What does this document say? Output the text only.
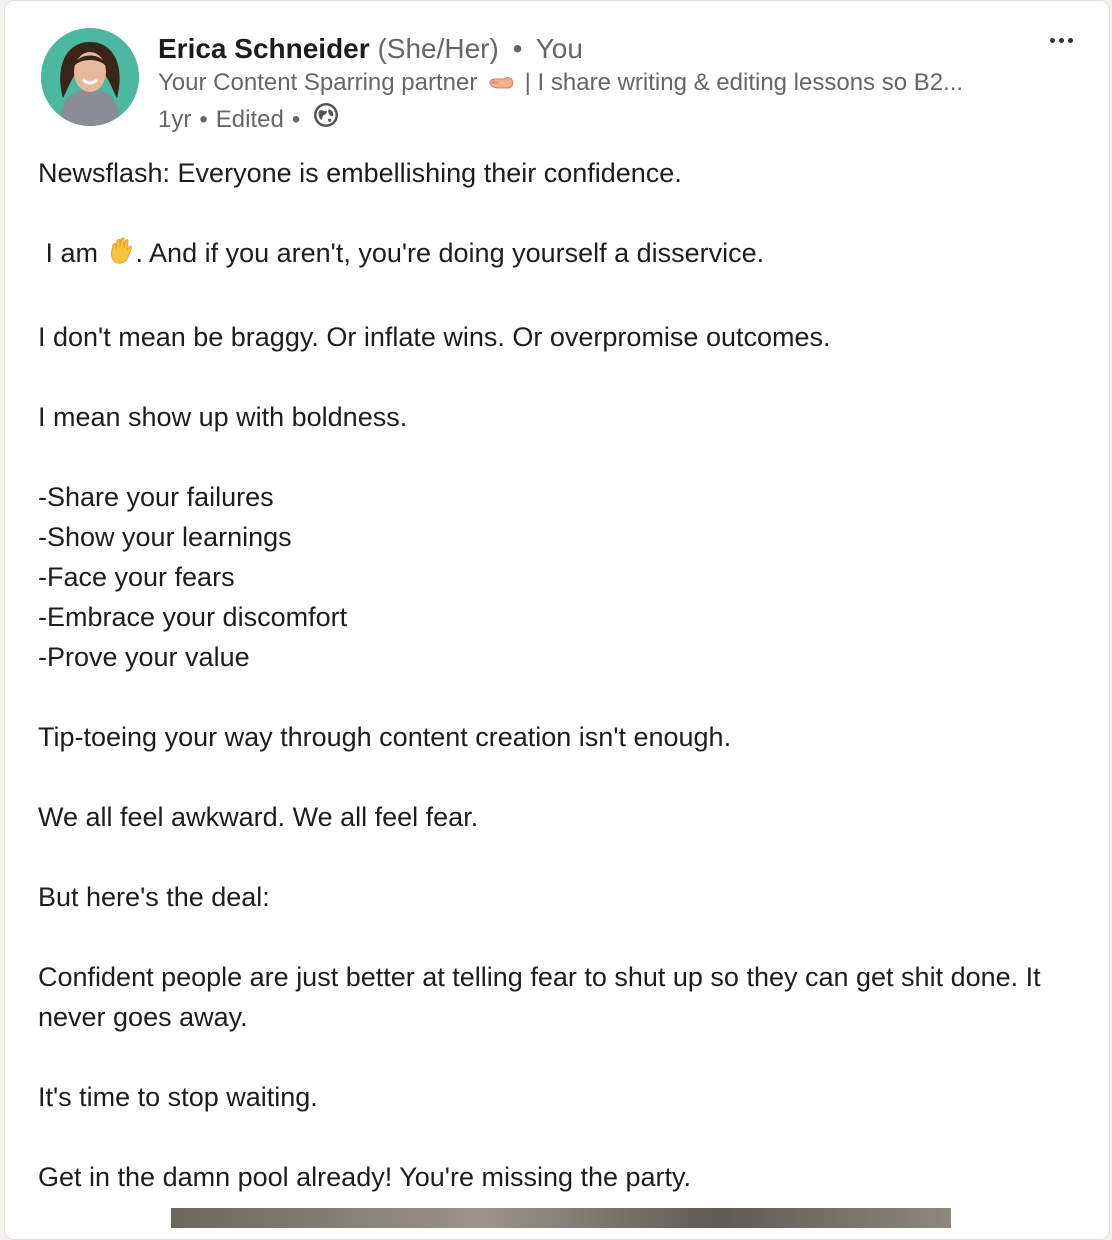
Erica Schneider (She/Her) • You
Your Content Sparring partner | I share writing & editing lessons so B2...
1yr • Edited •

Newsflash: Everyone is embellishing their confidence.

I am . And if you aren't, you're doing yourself a disservice.

I don't mean be braggy. Or inflate wins. Or overpromise outcomes.

I mean show up with boldness.

-Share your failures

-Show your learnings

-Face your fears

-Embrace your discomfort

-Prove your value

Tip-toeing your way through content creation isn't enough.

We all feel awkward. We all feel fear.

But here's the deal:

Confident people are just better at telling fear to shut up so they can get shit done. It never goes away.

It's time to stop waiting.

Get in the damn pool already! You're missing the party.
